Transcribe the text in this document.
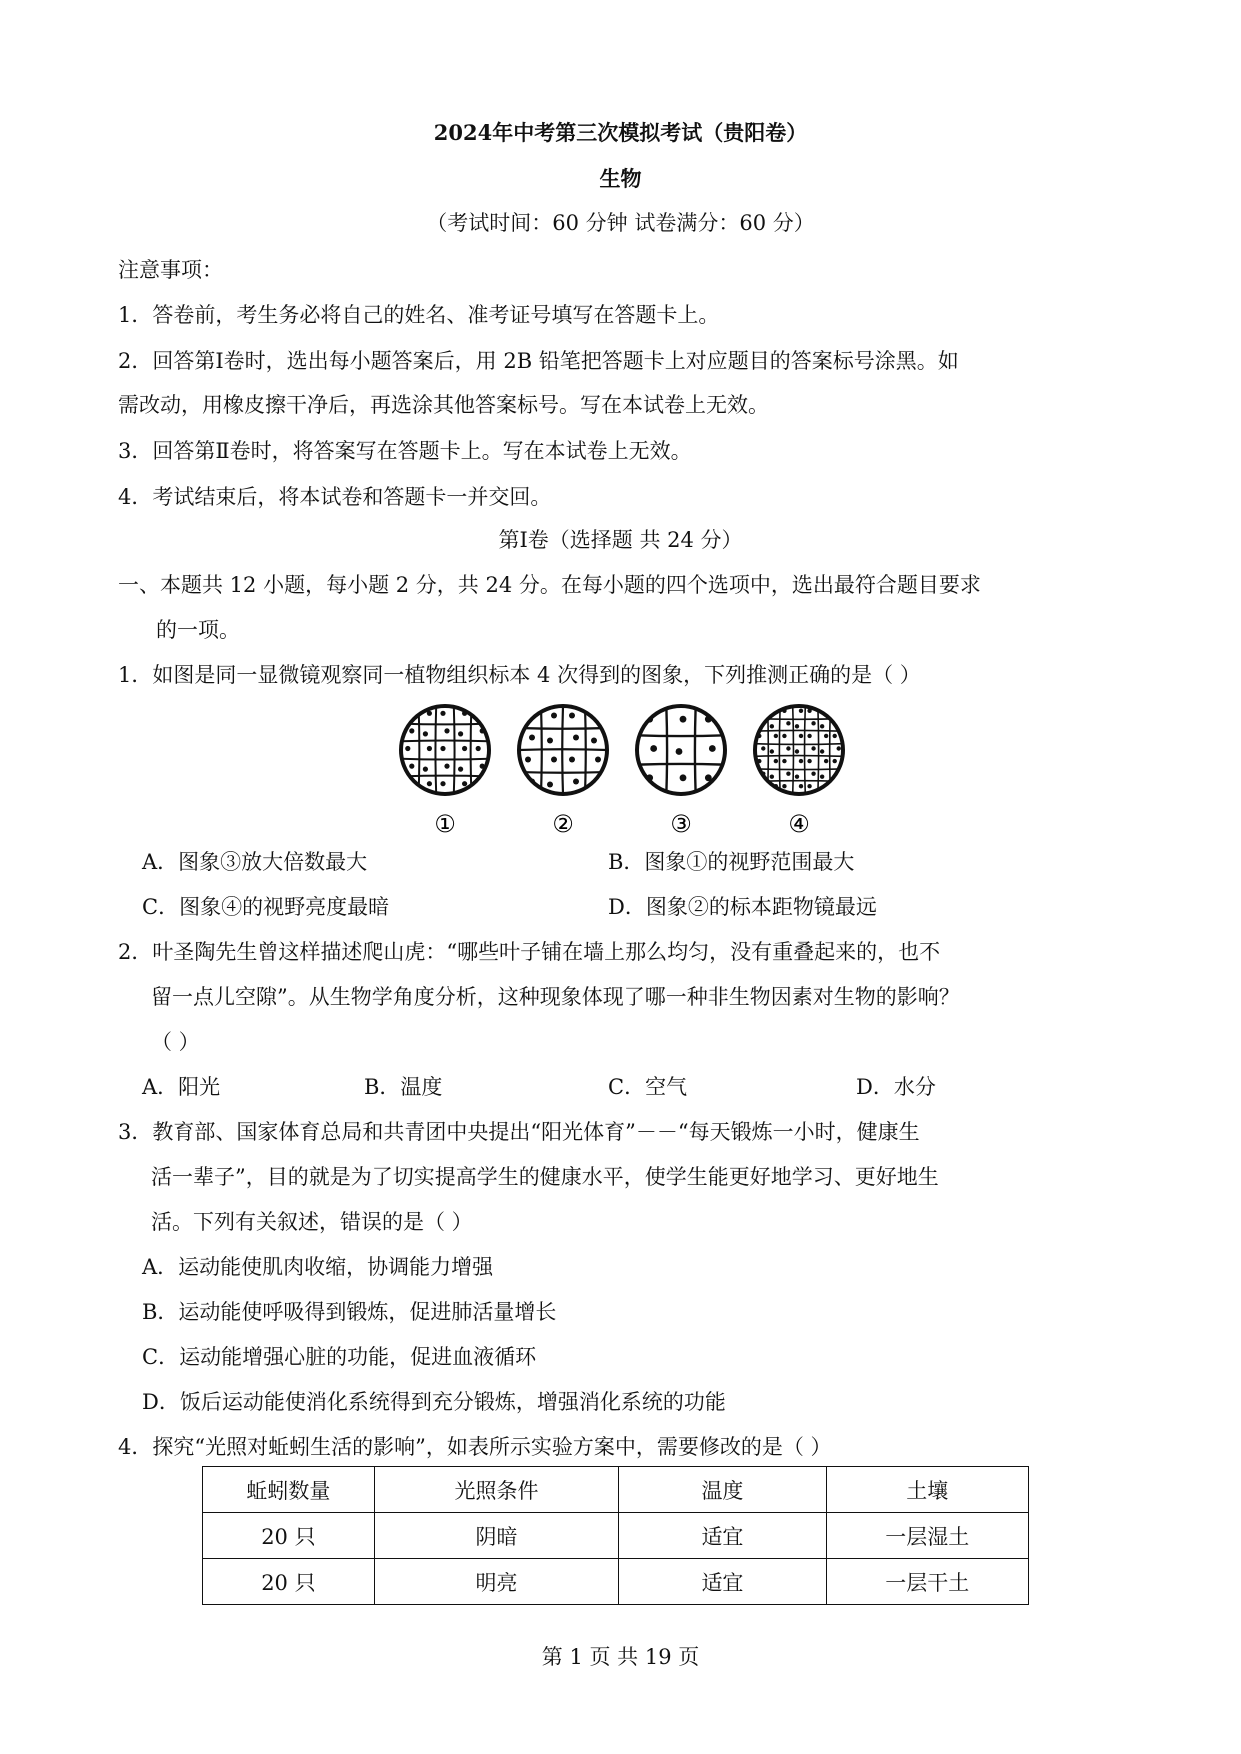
2024年中考第三次模拟考试（贵阳卷）
生物
（考试时间：60 分钟 试卷满分：60 分）
注意事项：
1．答卷前，考生务必将自己的姓名、准考证号填写在答题卡上。
2．回答第Ⅰ卷时，选出每小题答案后，用 2B 铅笔把答题卡上对应题目的答案标号涂黑。如
需改动，用橡皮擦干净后，再选涂其他答案标号。写在本试卷上无效。
3．回答第Ⅱ卷时，将答案写在答题卡上。写在本试卷上无效。
4．考试结束后，将本试卷和答题卡一并交回。
第Ⅰ卷（选择题 共 24 分）
一、本题共 12 小题，每小题 2 分，共 24 分。在每小题的四个选项中，选出最符合题目要求
的一项。
1．如图是同一显微镜观察同一植物组织标本 4 次得到的图象，下列推测正确的是（ ）
①	②	③	④
A．图象③放大倍数最大	B．图象①的视野范围最大
C．图象④的视野亮度最暗	D．图象②的标本距物镜最远
2．叶圣陶先生曾这样描述爬山虎：“哪些叶子铺在墙上那么均匀，没有重叠起来的，也不
留一点儿空隙”。从生物学角度分析，这种现象体现了哪一种非生物因素对生物的影响？
（ ）
A．阳光	B．温度	C．空气	D．水分
3．教育部、国家体育总局和共青团中央提出“阳光体育”－－“每天锻炼一小时，健康生
活一辈子”，目的就是为了切实提高学生的健康水平，使学生能更好地学习、更好地生
活。下列有关叙述，错误的是（ ）
A．运动能使肌肉收缩，协调能力增强
B．运动能使呼吸得到锻炼，促进肺活量增长
C．运动能增强心脏的功能，促进血液循环
D．饭后运动能使消化系统得到充分锻炼，增强消化系统的功能
4．探究“光照对蚯蚓生活的影响”，如表所示实验方案中，需要修改的是（ ）
蚯蚓数量	光照条件	温度	土壤
20 只	阴暗	适宜	一层湿土
20 只	明亮	适宜	一层干土
第 1 页 共 19 页
